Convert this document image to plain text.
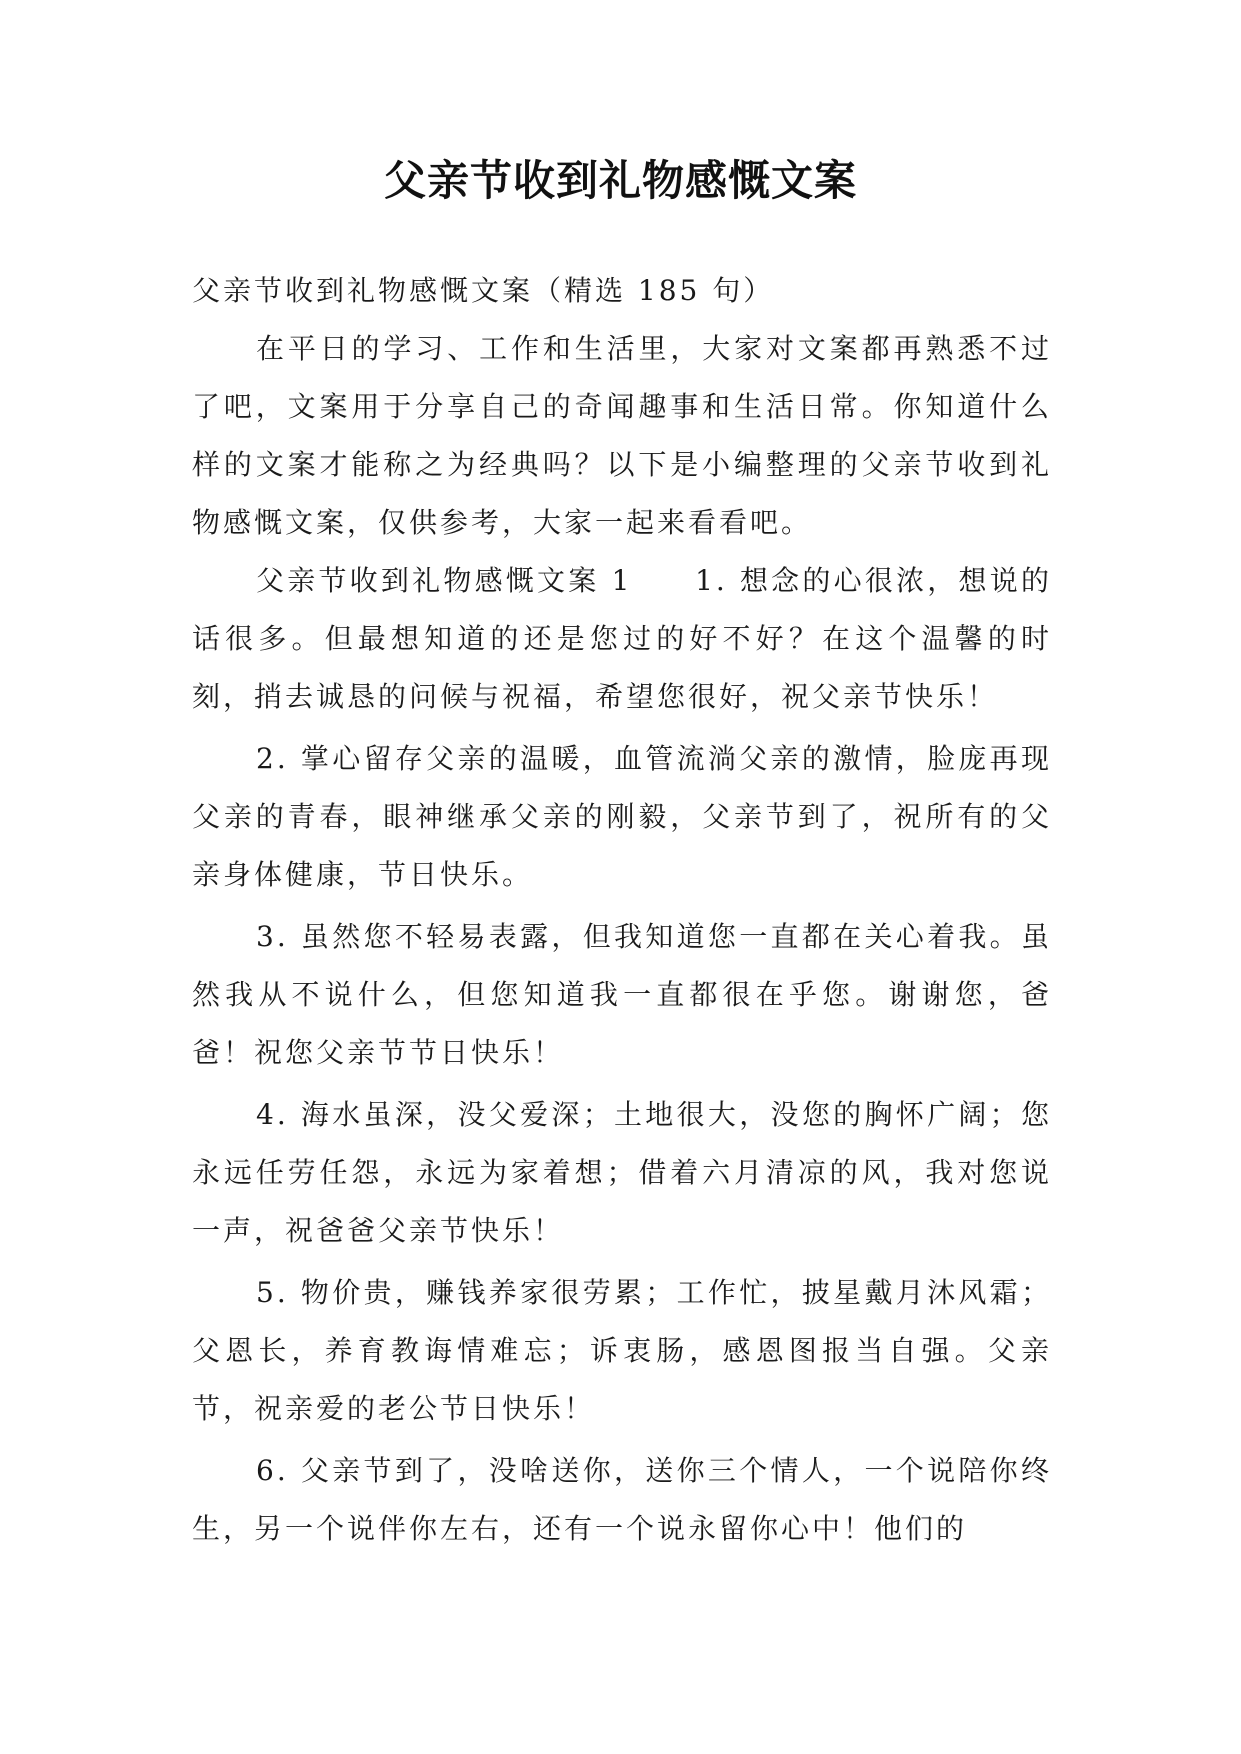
父亲节收到礼物感慨文案

父亲节收到礼物感慨文案（精选 185 句）

在平日的学习、工作和生活里，大家对文案都再熟悉不过了吧，文案用于分享自己的奇闻趣事和生活日常。你知道什么样的文案才能称之为经典吗？以下是小编整理的父亲节收到礼物感慨文案，仅供参考，大家一起来看看吧。

父亲节收到礼物感慨文案 1　　1. 想念的心很浓，想说的话很多。但最想知道的还是您过的好不好？在这个温馨的时刻，捎去诚恳的问候与祝福，希望您很好，祝父亲节快乐！

2. 掌心留存父亲的温暖，血管流淌父亲的激情，脸庞再现父亲的青春，眼神继承父亲的刚毅，父亲节到了，祝所有的父亲身体健康，节日快乐。

3. 虽然您不轻易表露，但我知道您一直都在关心着我。虽然我从不说什么，但您知道我一直都很在乎您。谢谢您，爸爸！祝您父亲节节日快乐！

4. 海水虽深，没父爱深；土地很大，没您的胸怀广阔；您永远任劳任怨，永远为家着想；借着六月清凉的风，我对您说一声，祝爸爸父亲节快乐！

5. 物价贵，赚钱养家很劳累；工作忙，披星戴月沐风霜；父恩长，养育教诲情难忘；诉衷肠，感恩图报当自强。父亲节，祝亲爱的老公节日快乐！

6. 父亲节到了，没啥送你，送你三个情人，一个说陪你终生，另一个说伴你左右，还有一个说永留你心中！他们的
